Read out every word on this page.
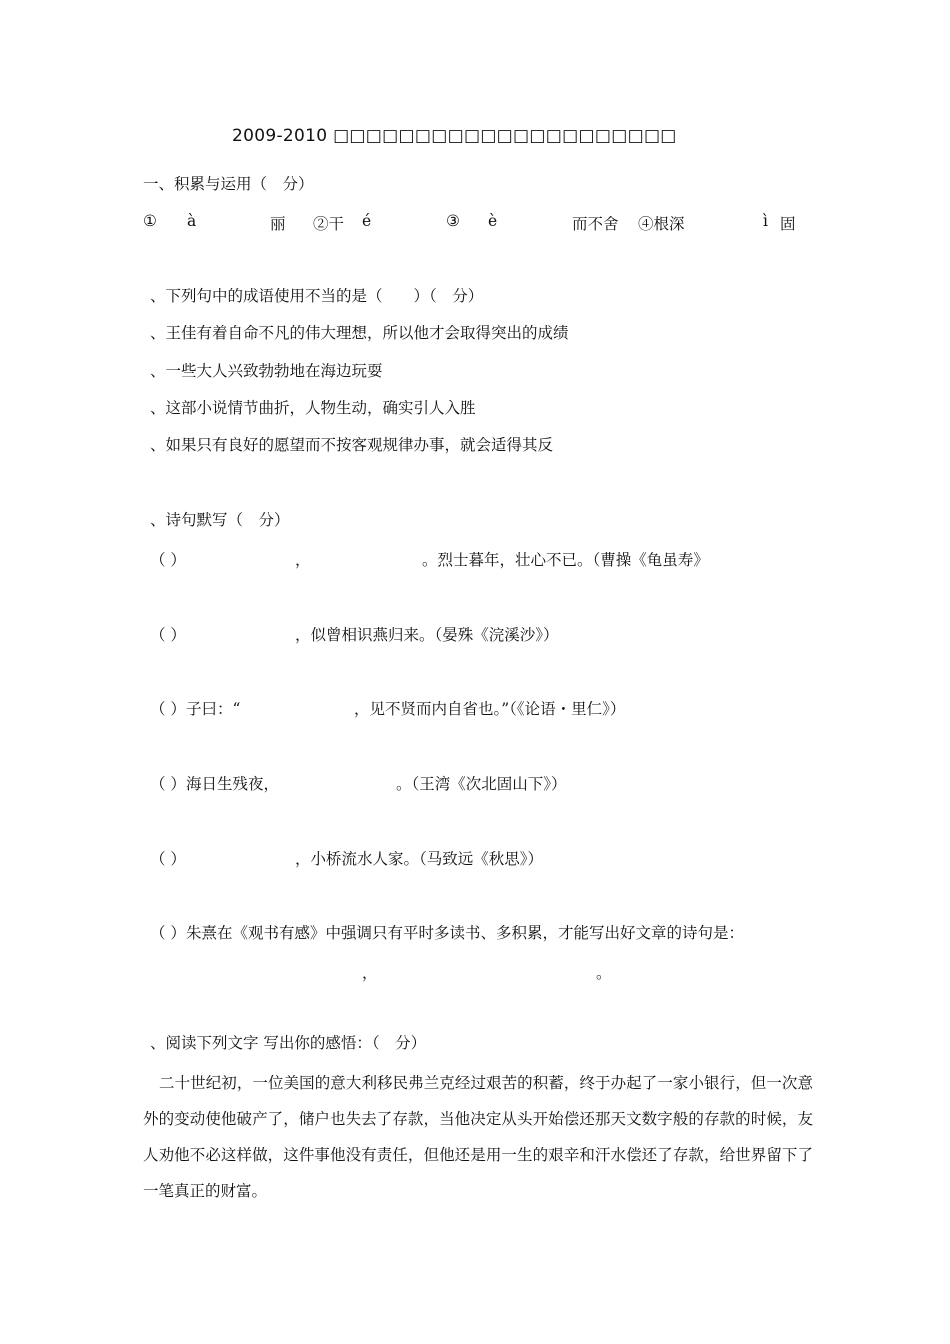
2009-2010 □□□□□□□□□□□□□□□□□□□□□
一、积累与运用（　分）
① à	丽 ②干 é	③ è	而不舍 ④根深	ì 固
、下列句中的成语使用不当的是（　　）（　分）
、王佳有着自命不凡的伟大理想，所以他才会取得突出的成绩
、一些大人兴致勃勃地在海边玩耍
、这部小说情节曲折，人物生动，确实引人入胜
、如果只有良好的愿望而不按客观规律办事，就会适得其反
、诗句默写（　分）
（ ）	，	。烈士暮年，壮心不已。（曹操《龟虽寿》
（ ）	，似曾相识燕归来。（晏殊《浣溪沙》）
（ ） 子曰：“	，见不贤而内自省也。”（《论语・里仁》）
（ ） 海日生残夜，	。（王湾《次北固山下》）
（ ）	，小桥流水人家。（马致远《秋思》）
（ ） 朱熹在《观书有感》中强调只有平时多读书、多积累，才能写出好文章的诗句是：
，	。
、阅读下列文字 写出你的感悟：（　分）

二十世纪初，一位美国的意大利移民弗兰克经过艰苦的积蓄，终于办起了一家小银行，但一次意外的变动使他破产了，储户也失去了存款，当他决定从头开始偿还那天文数字般的存款的时候，友人劝他不必这样做，这件事他没有责任，但他还是用一生的艰辛和汗水偿还了存款，给世界留下了一笔真正的财富。
